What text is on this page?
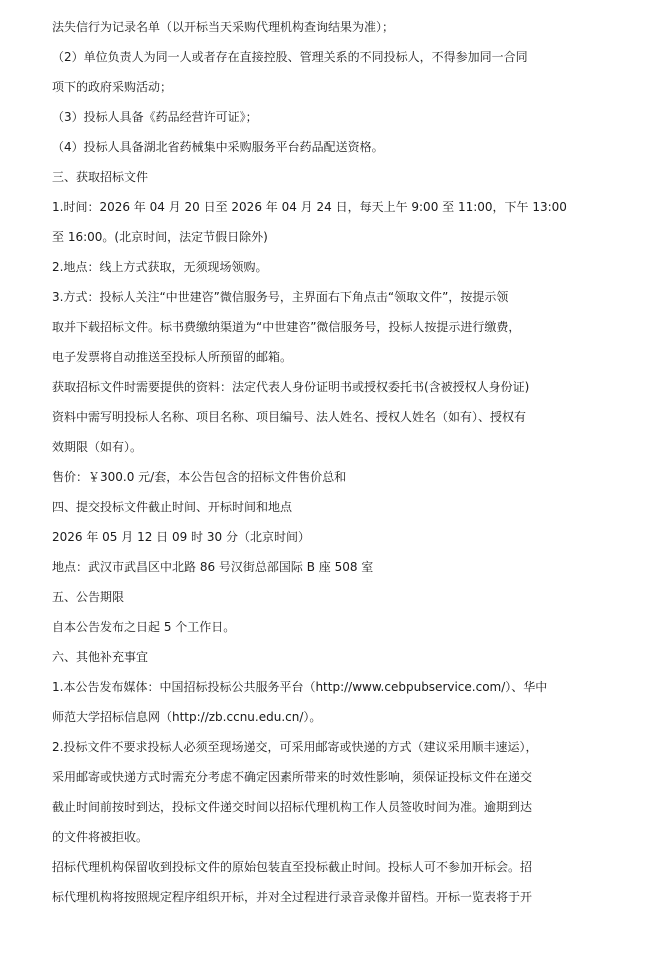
法失信行为记录名单（以开标当天采购代理机构查询结果为准）；
（2）单位负责人为同一人或者存在直接控股、管理关系的不同投标人，不得参加同一合同
项下的政府采购活动；
（3）投标人具备《药品经营许可证》；
（4）投标人具备湖北省药械集中采购服务平台药品配送资格。
三、获取招标文件
1.时间：2026 年 04 月 20 日至 2026 年 04 月 24 日，每天上午 9:00 至 11:00，下午 13:00
至 16:00。(北京时间，法定节假日除外)
2.地点：线上方式获取，无须现场领购。
3.方式：投标人关注“中世建咨”微信服务号，主界面右下角点击“领取文件”，按提示领
取并下载招标文件。标书费缴纳渠道为“中世建咨”微信服务号，投标人按提示进行缴费，
电子发票将自动推送至投标人所预留的邮箱。
获取招标文件时需要提供的资料：法定代表人身份证明书或授权委托书(含被授权人身份证)
资料中需写明投标人名称、项目名称、项目编号、法人姓名、授权人姓名（如有）、授权有
效期限（如有）。
售价：￥300.0 元/套，本公告包含的招标文件售价总和
四、提交投标文件截止时间、开标时间和地点
2026 年 05 月 12 日 09 时 30 分（北京时间）
地点：武汉市武昌区中北路 86 号汉街总部国际 B 座 508 室
五、公告期限
自本公告发布之日起 5 个工作日。
六、其他补充事宜
1.本公告发布媒体：中国招标投标公共服务平台（http://www.cebpubservice.com/）、华中
师范大学招标信息网（http://zb.ccnu.edu.cn/）。
2.投标文件不要求投标人必须至现场递交，可采用邮寄或快递的方式（建议采用顺丰速运），
采用邮寄或快递方式时需充分考虑不确定因素所带来的时效性影响，须保证投标文件在递交
截止时间前按时到达，投标文件递交时间以招标代理机构工作人员签收时间为准。逾期到达
的文件将被拒收。
招标代理机构保留收到投标文件的原始包装直至投标截止时间。投标人可不参加开标会。招
标代理机构将按照规定程序组织开标，并对全过程进行录音录像并留档。开标一览表将于开
